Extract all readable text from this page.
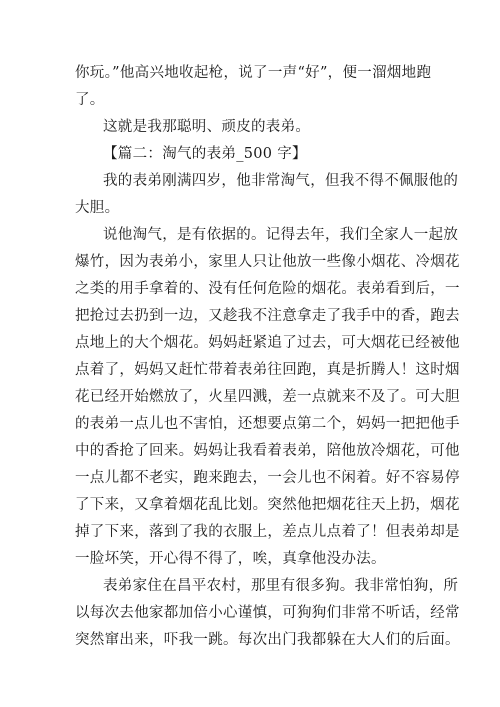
你玩。”他高兴地收起枪，说了一声“好”，便一溜烟地跑
了。
这就是我那聪明、顽皮的表弟。
【篇二：淘气的表弟_500 字】
我的表弟刚满四岁，他非常淘气，但我不得不佩服他的
大胆。
说他淘气，是有依据的。记得去年，我们全家人一起放
爆竹，因为表弟小，家里人只让他放一些像小烟花、冷烟花
之类的用手拿着的、没有任何危险的烟花。表弟看到后，一
把抢过去扔到一边，又趁我不注意拿走了我手中的香，跑去
点地上的大个烟花。妈妈赶紧追了过去，可大烟花已经被他
点着了，妈妈又赶忙带着表弟往回跑，真是折腾人！这时烟
花已经开始燃放了，火星四溅，差一点就来不及了。可大胆
的表弟一点儿也不害怕，还想要点第二个，妈妈一把把他手
中的香抢了回来。妈妈让我看着表弟，陪他放冷烟花，可他
一点儿都不老实，跑来跑去，一会儿也不闲着。好不容易停
了下来，又拿着烟花乱比划。突然他把烟花往天上扔，烟花
掉了下来，落到了我的衣服上，差点儿点着了！但表弟却是
一脸坏笑，开心得不得了，唉，真拿他没办法。
表弟家住在昌平农村，那里有很多狗。我非常怕狗，所
以每次去他家都加倍小心谨慎，可狗狗们非常不听话，经常
突然窜出来，吓我一跳。每次出门我都躲在大人们的后面。
